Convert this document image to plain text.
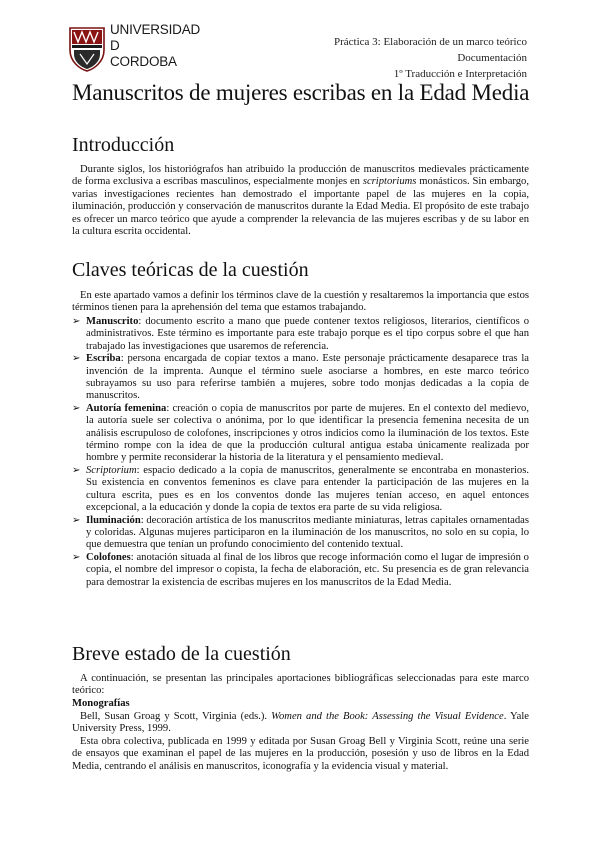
UNIVERSIDAD
D
CORDOBA
Práctica 3: Elaboración de un marco teórico
Documentación
1º Traducción e Interpretación
Manuscritos de mujeres escribas en la Edad Media
Introducción
Durante siglos, los historiógrafos han atribuido la producción de manuscritos medievales prácticamente de forma exclusiva a escribas masculinos, especialmente monjes en scriptoriums monásticos. Sin embargo, varias investigaciones recientes han demostrado el importante papel de las mujeres en la copia, iluminación, producción y conservación de manuscritos durante la Edad Media. El propósito de este trabajo es ofrecer un marco teórico que ayude a comprender la relevancia de las mujeres escribas y de su labor en la cultura escrita occidental.
Claves teóricas de la cuestión
En este apartado vamos a definir los términos clave de la cuestión y resaltaremos la importancia que estos términos tienen para la aprehensión del tema que estamos trabajando.
➢ Manuscrito: documento escrito a mano que puede contener textos religiosos, literarios, científicos o administrativos. Este término es importante para este trabajo porque es el tipo corpus sobre el que han trabajado las investigaciones que usaremos de referencia.
➢ Escriba: persona encargada de copiar textos a mano. Este personaje prácticamente desaparece tras la invención de la imprenta. Aunque el término suele asociarse a hombres, en este marco teórico subrayamos su uso para referirse también a mujeres, sobre todo monjas dedicadas a la copia de manuscritos.
➢ Autoría femenina: creación o copia de manuscritos por parte de mujeres. En el contexto del medievo, la autoría suele ser colectiva o anónima, por lo que identificar la presencia femenina necesita de un análisis escrupuloso de colofones, inscripciones y otros indicios como la iluminación de los textos. Este término rompe con la idea de que la producción cultural antigua estaba únicamente realizada por hombre y permite reconsiderar la historia de la literatura y el pensamiento medieval.
➢ Scriptorium: espacio dedicado a la copia de manuscritos, generalmente se encontraba en monasterios. Su existencia en conventos femeninos es clave para entender la participación de las mujeres en la cultura escrita, pues es en los conventos donde las mujeres tenían acceso, en aquel entonces excepcional, a la educación y donde la copia de textos era parte de su vida religiosa.
➢ Iluminación: decoración artística de los manuscritos mediante miniaturas, letras capitales ornamentadas y coloridas. Algunas mujeres participaron en la iluminación de los manuscritos, no solo en su copia, lo que demuestra que tenían un profundo conocimiento del contenido textual.
➢ Colofones: anotación situada al final de los libros que recoge información como el lugar de impresión o copia, el nombre del impresor o copista, la fecha de elaboración, etc. Su presencia es de gran relevancia para demostrar la existencia de escribas mujeres en los manuscritos de la Edad Media.
Breve estado de la cuestión
A continuación, se presentan las principales aportaciones bibliográficas seleccionadas para este marco teórico:
Monografías
Bell, Susan Groag y Scott, Virginia (eds.). Women and the Book: Assessing the Visual Evidence. Yale University Press, 1999.
Esta obra colectiva, publicada en 1999 y editada por Susan Groag Bell y Virginia Scott, reúne una serie de ensayos que examinan el papel de las mujeres en la producción, posesión y uso de libros en la Edad Media, centrando el análisis en manuscritos, iconografía y la evidencia visual y material.
